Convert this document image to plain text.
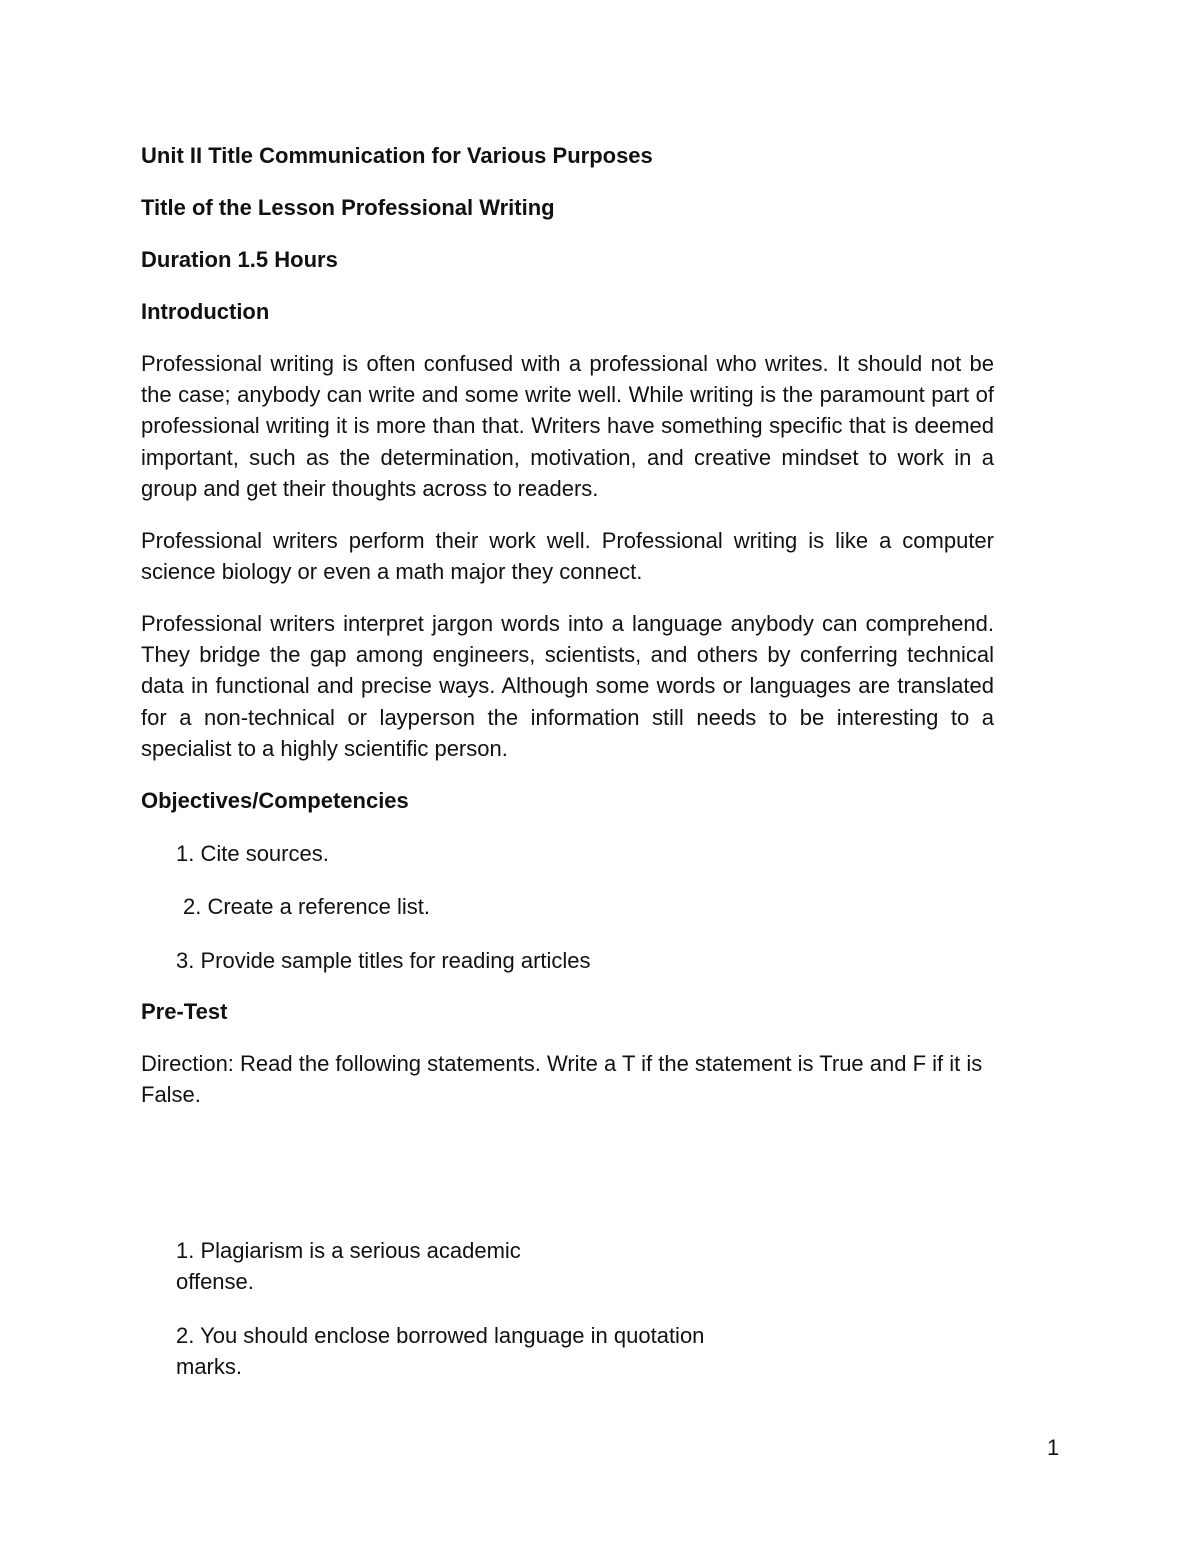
Unit II Title Communication for Various Purposes
Title of the Lesson Professional Writing
Duration 1.5 Hours
Introduction
Professional writing is often confused with a professional who writes. It should not be the case; anybody can write and some write well. While writing is the paramount part of professional writing it is more than that. Writers have something specific that is deemed important, such as the determination, motivation, and creative mindset to work in a group and get their thoughts across to readers.
Professional writers perform their work well. Professional writing is like a computer science biology or even a math major they connect.
Professional writers interpret jargon words into a language anybody can comprehend. They bridge the gap among engineers, scientists, and others by conferring technical data in functional and precise ways. Although some words or languages are translated for a non-technical or layperson the information still needs to be interesting to a specialist to a highly scientific person.
Objectives/Competencies
1. Cite sources.
2. Create a reference list.
3. Provide sample titles for reading articles
Pre-Test
Direction: Read the following statements. Write a T if the statement is True and F if it is False.
1. Plagiarism is a serious academic offense.
2. You should enclose borrowed language in quotation marks.
1
